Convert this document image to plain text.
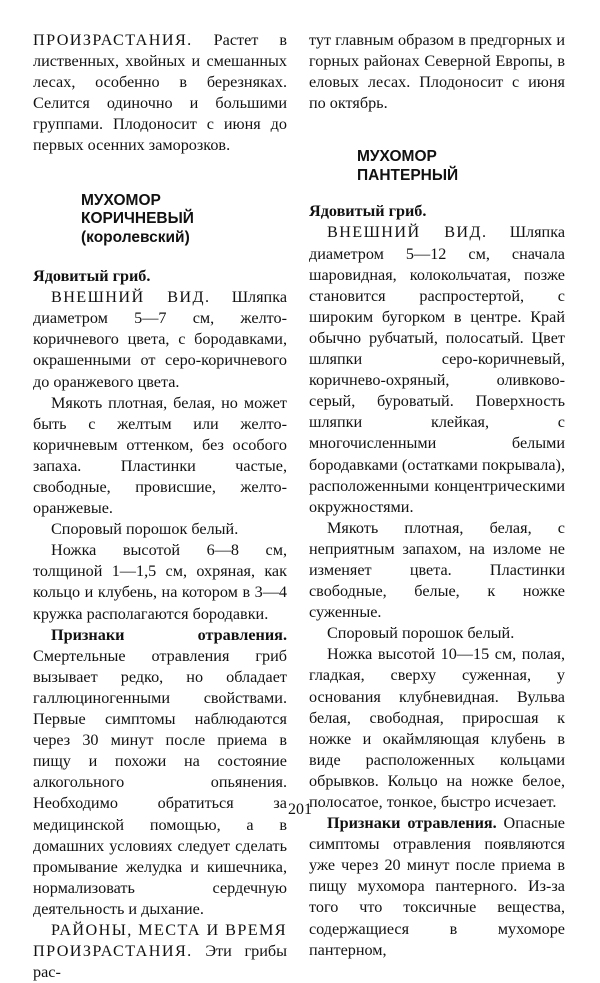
ПРОИЗРАСТАНИЯ. Растет в лиственных, хвойных и смешанных лесах, особенно в березняках. Селится одиночно и большими группами. Плодоносит с июня до первых осенних заморозков.

МУХОМОР
КОРИЧНЕВЫЙ
(королевский)

Ядовитый гриб.

ВНЕШНИЙ ВИД. Шляпка диаметром 5—7 см, желто-коричневого цвета, с бородавками, окрашенными от серо-коричневого до оранжевого цвета.

Мякоть плотная, белая, но может быть с желтым или желто-коричневым оттенком, без особого запаха. Пластинки частые, свободные, провисшие, желто-оранжевые.

Споровый порошок белый.

Ножка высотой 6—8 см, толщиной 1—1,5 см, охряная, как кольцо и клубень, на котором в 3—4 кружка располагаются бородавки.

Признаки отравления. Смертельные отравления гриб вызывает редко, но обладает галлюциногенными свойствами. Первые симптомы наблюдаются через 30 минут после приема в пищу и похожи на состояние алкогольного опьянения. Необходимо обратиться за медицинской помощью, а в домашних условиях следует сделать промывание желудка и кишечника, нормализовать сердечную деятельность и дыхание.

РАЙОНЫ, МЕСТА И ВРЕМЯ ПРОИЗРАСТАНИЯ. Эти грибы рас-

тут главным образом в предгорных и горных районах Северной Европы, в еловых лесах. Плодоносит с июня по октябрь.

МУХОМОР
ПАНТЕРНЫЙ

Ядовитый гриб.

ВНЕШНИЙ ВИД. Шляпка диаметром 5—12 см, сначала шаровидная, колокольчатая, позже становится распростертой, с широким бугорком в центре. Край обычно рубчатый, полосатый. Цвет шляпки серо-коричневый, коричнево-охряный, оливково-серый, буроватый. Поверхность шляпки клейкая, с многочисленными белыми бородавками (остатками покрывала), расположенными концентрическими окружностями.

Мякоть плотная, белая, с неприятным запахом, на изломе не изменяет цвета. Пластинки свободные, белые, к ножке суженные.

Споровый порошок белый.

Ножка высотой 10—15 см, полая, гладкая, сверху суженная, у основания клубневидная. Вульва белая, свободная, приросшая к ножке и окаймляющая клубень в виде расположенных кольцами обрывков. Кольцо на ножке белое, полосатое, тонкое, быстро исчезает.

Признаки отравления. Опасные симптомы отравления появляются уже через 20 минут после приема в пищу мухомора пантерного. Из-за того что токсичные вещества, содержащиеся в мухоморе пантерном,

201
